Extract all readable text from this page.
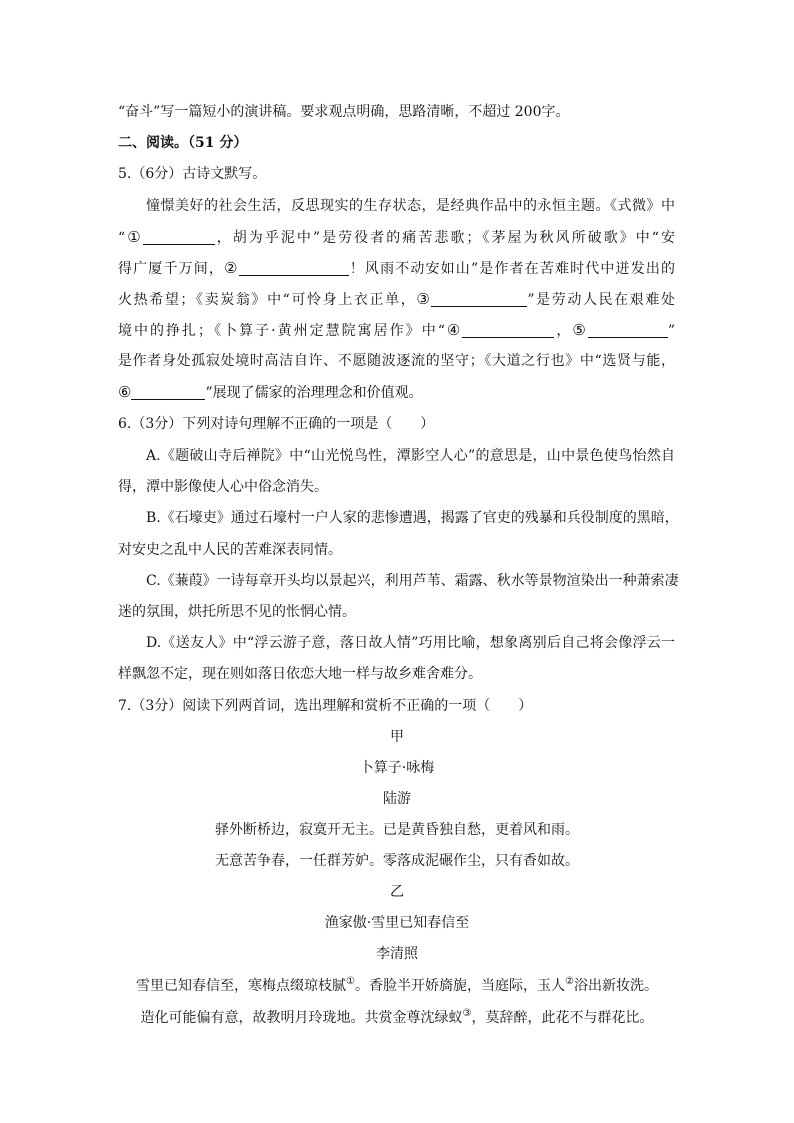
“奋斗”写一篇短小的演讲稿。要求观点明确，思路清晰，不超过 200字。
二、阅读。（51 分）
5.（6分）古诗文默写。
憧憬美好的社会生活，反思现实的生存状态，是经典作品中的永恒主题。《式微》中
“①	，胡为乎泥中”是劳役者的痛苦悲歌；《茅屋为秋风所破歌》中“安
得广厦千万间，②	！风雨不动安如山”是作者在苦难时代中迸发出的
火热希望；《卖炭翁》中“可怜身上衣正单，③	”是劳动人民在艰难处
境中的挣扎；《卜算子·黄州定慧院寓居作》中“④	，⑤	”
是作者身处孤寂处境时高洁自许、不愿随波逐流的坚守；《大道之行也》中“选贤与能，
⑥	”展现了儒家的治理理念和价值观。
6.（3分）下列对诗句理解不正确的一项是（　　）
A.《题破山寺后禅院》中“山光悦鸟性，潭影空人心”的意思是，山中景色使鸟怡然自
得，潭中影像使人心中俗念消失。
B.《石壕吏》通过石壕村一户人家的悲惨遭遇，揭露了官吏的残暴和兵役制度的黑暗，
对安史之乱中人民的苦难深表同情。
C.《蒹葭》一诗每章开头均以景起兴，利用芦苇、霜露、秋水等景物渲染出一种萧索凄
迷的氛围，烘托所思不见的怅惘心情。
D.《送友人》中“浮云游子意，落日故人情”巧用比喻，想象离别后自己将会像浮云一
样飘忽不定，现在则如落日依恋大地一样与故乡难舍难分。
7.（3分）阅读下列两首词，选出理解和赏析不正确的一项（　　）
甲
卜算子·咏梅
陆游
驿外断桥边，寂寞开无主。已是黄昏独自愁，更着风和雨。
无意苦争春，一任群芳妒。零落成泥碾作尘，只有香如故。
乙
渔家傲·雪里已知春信至
李清照
雪里已知春信至，寒梅点缀琼枝腻①。香脸半开娇旖旎，当庭际，玉人②浴出新妆洗。
造化可能偏有意，故教明月玲珑地。共赏金尊沈绿蚁③，莫辞醉，此花不与群花比。
